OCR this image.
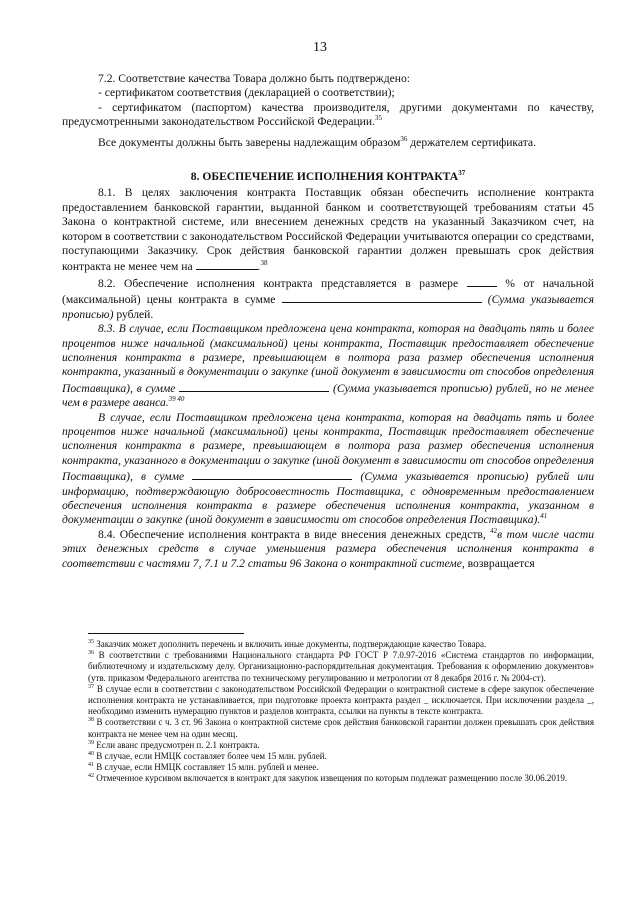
13

7.2. Соответствие качества Товара должно быть подтверждено:

- сертификатом соответствия (декларацией о соответствии);

- сертификатом (паспортом) качества производителя, другими документами по качеству, предусмотренными законодательством Российской Федерации.$^{35}$

Все документы должны быть заверены надлежащим образом$^{36}$ держателем сертификата.

8. ОБЕСПЕЧЕНИЕ ИСПОЛНЕНИЯ КОНТРАКТА$^{37}$

8.1. В целях заключения контракта Поставщик обязан обеспечить исполнение контракта предоставлением банковской гарантии, выданной банком и соответствующей требованиям статьи 45 Закона о контрактной системе, или внесением денежных средств на указанный Заказчиком счет, на котором в соответствии с законодательством Российской Федерации учитываются операции со средствами, поступающими Заказчику. Срок действия банковской гарантии должен превышать срок действия контракта не менее чем на	.$^{38}$

8.2. Обеспечение исполнения контракта представляется в размере	% от начальной (максимальной) цены контракта в сумме	(Сумма указывается прописью) рублей.

8.3. В случае, если Поставщиком предложена цена контракта, которая на двадцать пять и более процентов ниже начальной (максимальной) цены контракта, Поставщик предоставляет обеспечение исполнения контракта в размере, превышающем в полтора раза размер обеспечения исполнения контракта, указанный в документации о закупке (иной документ в зависимости от способов определения Поставщика), в сумме	(Сумма указывается прописью) рублей, но не менее чем в размере аванса.$^{39 40}$

В случае, если Поставщиком предложена цена контракта, которая на двадцать пять и более процентов ниже начальной (максимальной) цены контракта, Поставщик предоставляет обеспечение исполнения контракта в размере, превышающем в полтора раза размер обеспечения исполнения контракта, указанного в документации о закупке (иной документ в зависимости от способов определения Поставщика), в сумме	(Сумма указывается прописью) рублей или информацию, подтверждающую добросовестность Поставщика, с одновременным предоставлением обеспечения исполнения контракта в размере обеспечения исполнения контракта, указанном в документации о закупке (иной документ в зависимости от способов определения Поставщика).$^{41}$

8.4. Обеспечение исполнения контракта в виде внесения денежных средств, $^{42}$в том числе части этих денежных средств в случае уменьшения размера обеспечения исполнения контракта в соответствии с частями 7, 7.1 и 7.2 статьи 96 Закона о контрактной системе, возвращается

$^{35}$ Заказчик может дополнить перечень и включить иные документы, подтверждающие качество Товара.

$^{36}$ В соответствии с требованиями Национального стандарта РФ ГОСТ Р 7.0.97-2016 «Система стандартов по информации, библиотечному и издательскому делу. Организационно-распорядительная документация. Требования к оформлению документов» (утв. приказом Федерального агентства по техническому регулированию и метрологии от 8 декабря 2016 г. № 2004-ст).

$^{37}$ В случае если в соответствии с законодательством Российской Федерации о контрактной системе в сфере закупок обеспечение исполнения контракта не устанавливается, при подготовке проекта контракта раздел _ исключается. При исключении раздела _, необходимо изменить нумерацию пунктов и разделов контракта, ссылки на пункты в тексте контракта.

$^{38}$ В соответствии с ч. 3 ст. 96 Закона о контрактной системе срок действия банковской гарантии должен превышать срок действия контракта не менее чем на один месяц.

$^{39}$ Если аванс предусмотрен п. 2.1 контракта.

$^{40}$ В случае, если НМЦК составляет более чем 15 млн. рублей.

$^{41}$ В случае, если НМЦК составляет 15 млн. рублей и менее.

$^{42}$ Отмеченное курсивом включается в контракт для закупок извещения по которым подлежат размещению после 30.06.2019.
